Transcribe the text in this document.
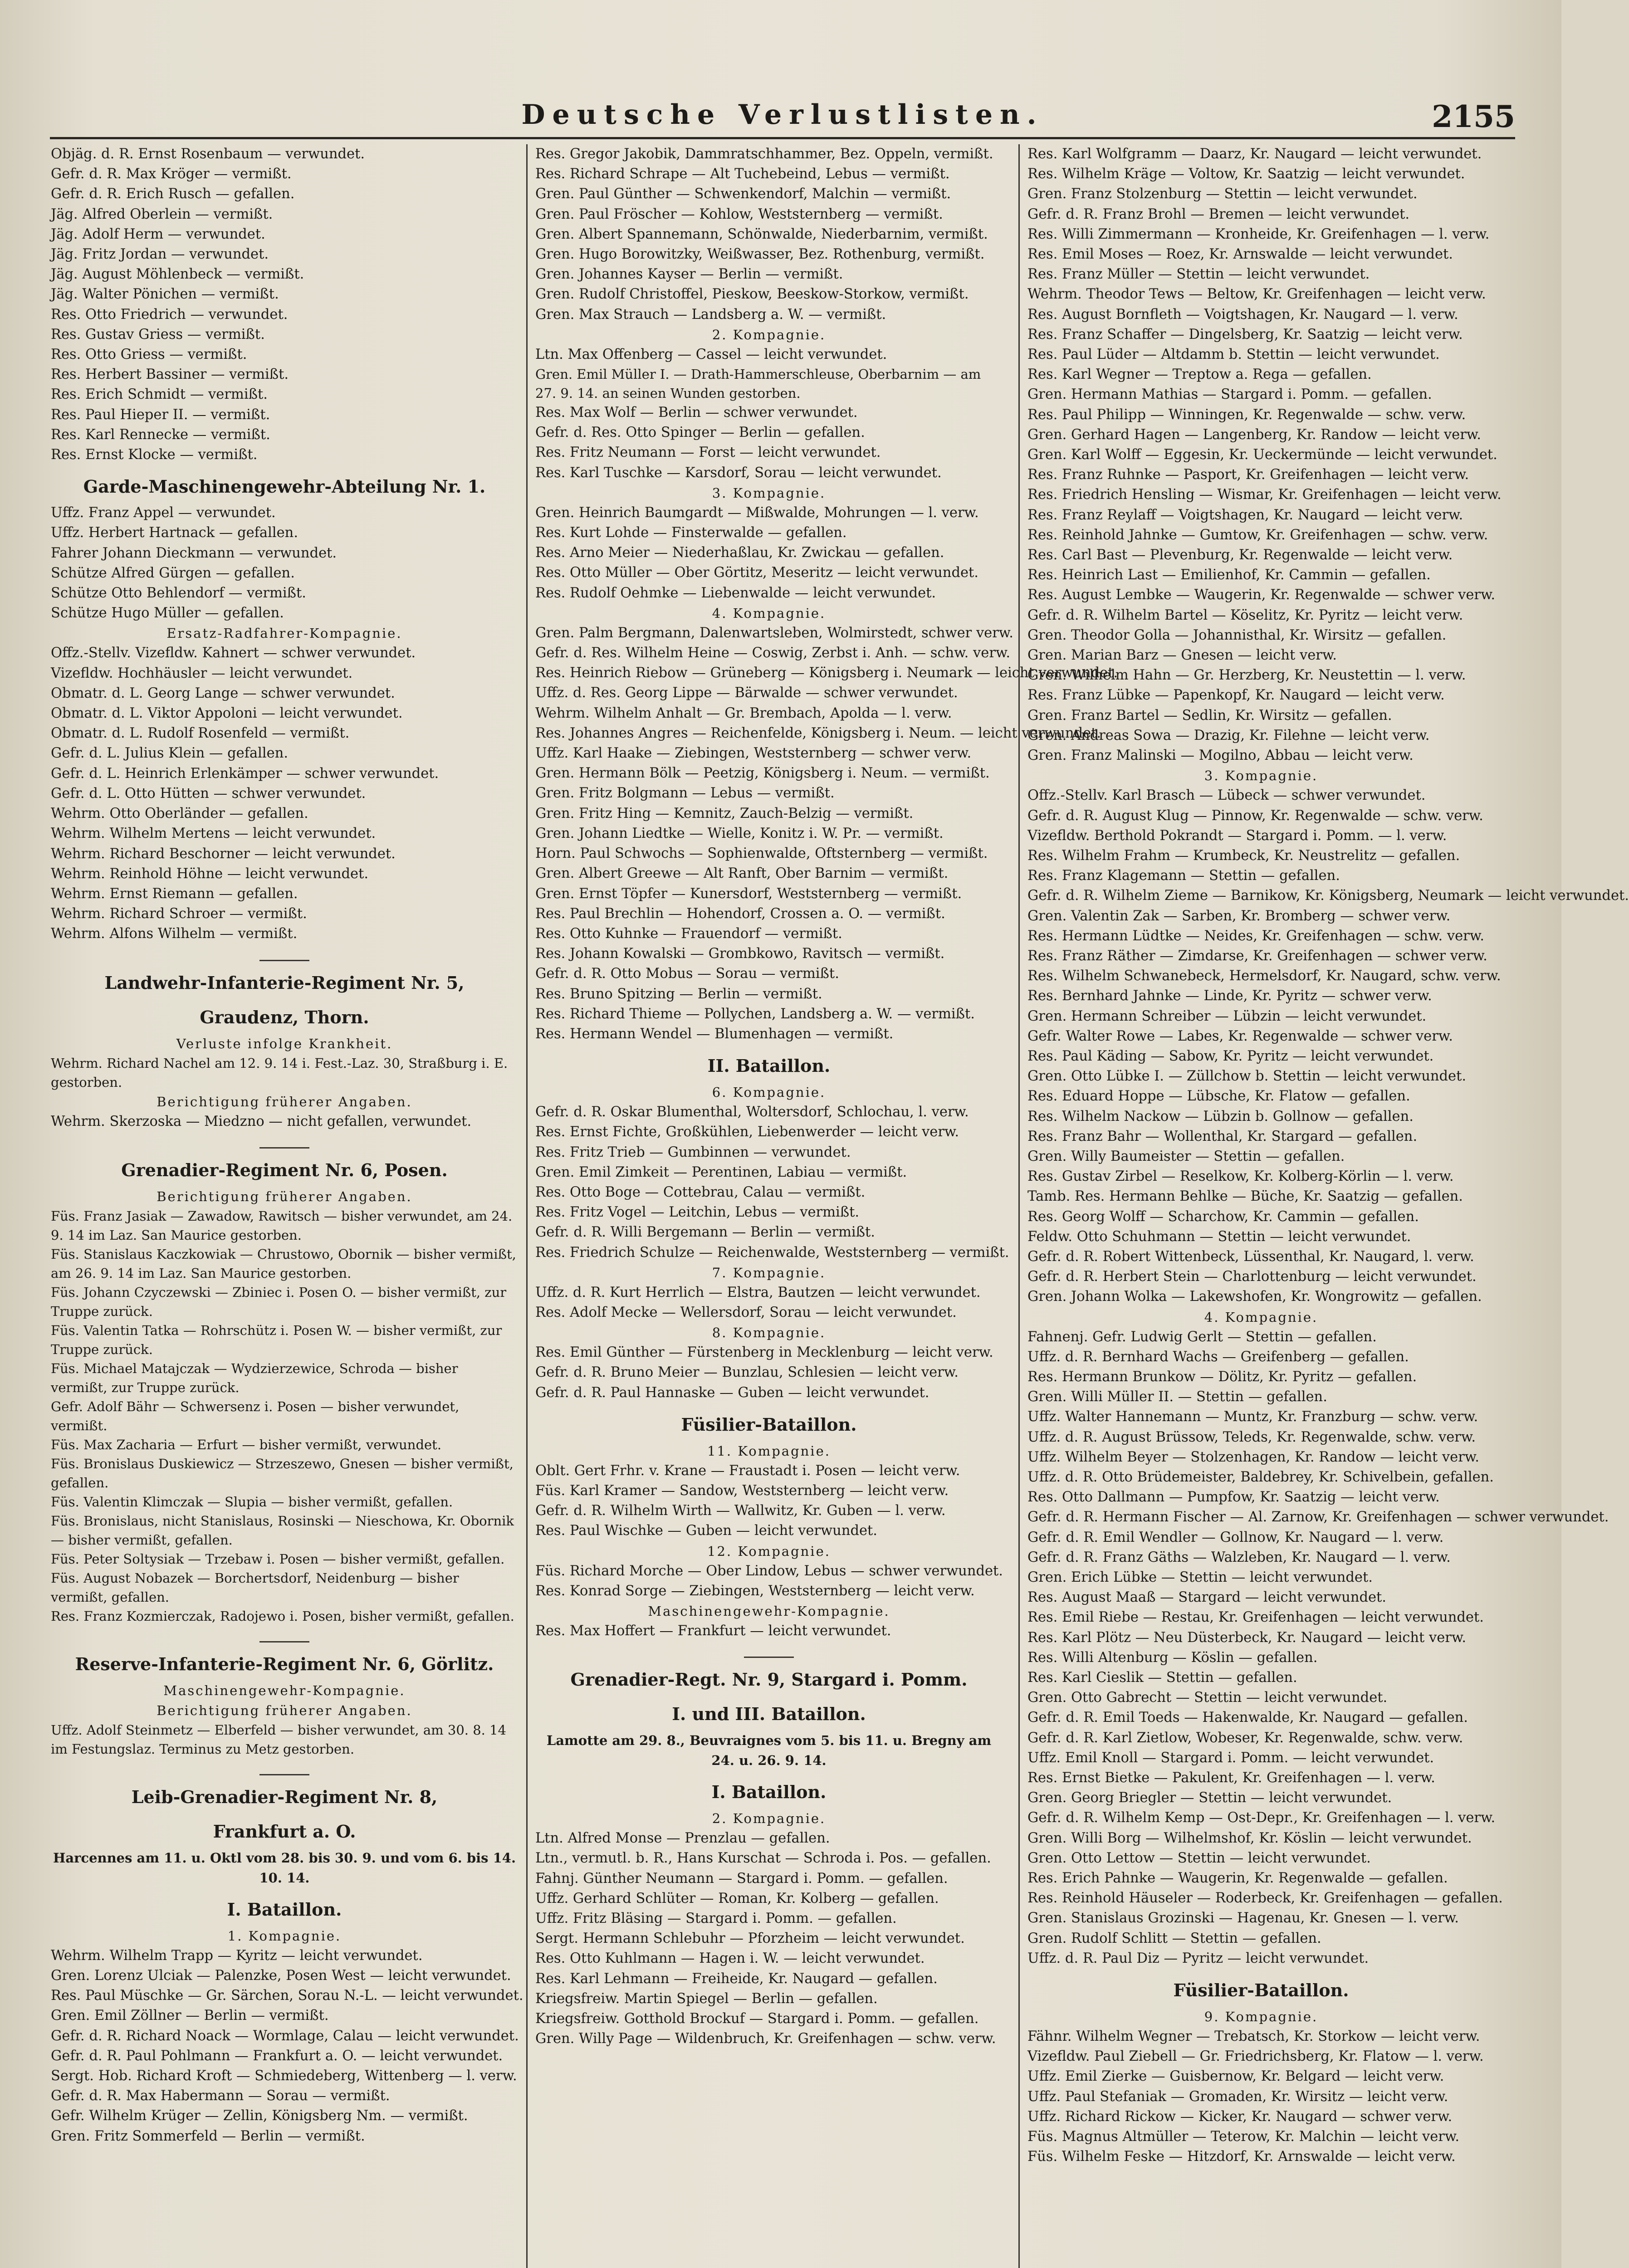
Deutsche Verlustlisten.	2155
Objäg. d. R. Ernst Rosenbaum — verwundet.
Gefr. d. R. Max Kröger — vermißt.
Gefr. d. R. Erich Rusch — gefallen.
Jäg. Alfred Oberlein — vermißt.
Jäg. Adolf Herm — verwundet.
Jäg. Fritz Jordan — verwundet.
Jäg. August Möhlenbeck — vermißt.
Jäg. Walter Pönichen — vermißt.
Res. Otto Friedrich — verwundet.
Res. Gustav Griess — vermißt.
Res. Otto Griess — vermißt.
Res. Herbert Bassiner — vermißt.
Res. Erich Schmidt — vermißt.
Res. Paul Hieper II. — vermißt.
Res. Karl Rennecke — vermißt.
Res. Ernst Klocke — vermißt.
Garde-Maschinengewehr-Abteilung Nr. 1.
Uffz. Franz Appel — verwundet.
Uffz. Herbert Hartnack — gefallen.
Fahrer Johann Dieckmann — verwundet.
Schütze Alfred Gürgen — gefallen.
Schütze Otto Behlendorf — vermißt.
Schütze Hugo Müller — gefallen.
Ersatz-Radfahrer-Kompagnie.
Offz.-Stellv. Vizefldw. Kahnert — schwer verwundet.
Vizefldw. Hochhäusler — leicht verwundet.
Obmatr. d. L. Georg Lange — schwer verwundet.
Obmatr. d. L. Viktor Appoloni — leicht verwundet.
Obmatr. d. L. Rudolf Rosenfeld — vermißt.
Gefr. d. L. Julius Klein — gefallen.
Gefr. d. L. Heinrich Erlenkämper — schwer verwundet.
Gefr. d. L. Otto Hütten — schwer verwundet.
Wehrm. Otto Oberländer — gefallen.
Wehrm. Wilhelm Mertens — leicht verwundet.
Wehrm. Richard Beschorner — leicht verwundet.
Wehrm. Reinhold Höhne — leicht verwundet.
Wehrm. Ernst Riemann — gefallen.
Wehrm. Richard Schroer — vermißt.
Wehrm. Alfons Wilhelm — vermißt.
Landwehr-Infanterie-Regiment Nr. 5,
Graudenz, Thorn.
Verluste infolge Krankheit.
Wehrm. Richard Nachel am 12. 9. 14 i. Fest.-Laz. 30, Straßburg i. E. gestorben.
Berichtigung früherer Angaben.
Wehrm. Skerzoska — Miedzno — nicht gefallen, verwundet.
Grenadier-Regiment Nr. 6, Posen.
Berichtigung früherer Angaben.
Füs. Franz Jasiak — Zawadow, Rawitsch — bisher verwundet, am 24. 9. 14 im Laz. San Maurice gestorben.
Füs. Stanislaus Kaczkowiak — Chrustowo, Obornik — bisher vermißt, am 26. 9. 14 im Laz. San Maurice gestorben.
Füs. Johann Czyczewski — Zbiniec i. Posen O. — bisher vermißt, zur Truppe zurück.
Füs. Valentin Tatka — Rohrschütz i. Posen W. — bisher vermißt, zur Truppe zurück.
Füs. Michael Matajczak — Wydzierzewice, Schroda — bisher vermißt, zur Truppe zurück.
Gefr. Adolf Bähr — Schwersenz i. Posen — bisher verwundet, vermißt.
Füs. Max Zacharia — Erfurt — bisher vermißt, verwundet.
Füs. Bronislaus Duskiewicz — Strzeszewo, Gnesen — bisher vermißt, gefallen.
Füs. Valentin Klimczak — Slupia — bisher vermißt, gefallen.
Füs. Bronislaus, nicht Stanislaus, Rosinski — Nieschowa, Kr. Obornik — bisher vermißt, gefallen.
Füs. Peter Soltysiak — Trzebaw i. Posen — bisher vermißt, gefallen.
Füs. August Nobazek — Borchertsdorf, Neidenburg — bisher vermißt, gefallen.
Res. Franz Kozmierczak, Radojewo i. Posen, bisher vermißt, gefallen.
Reserve-Infanterie-Regiment Nr. 6, Görlitz.
Maschinengewehr-Kompagnie.
Berichtigung früherer Angaben.
Uffz. Adolf Steinmetz — Elberfeld — bisher verwundet, am 30. 8. 14 im Festungslaz. Terminus zu Metz gestorben.
Leib-Grenadier-Regiment Nr. 8,
Frankfurt a. O.
Harcennes am 11. u. Oktl vom 28. bis 30. 9. und vom 6. bis 14. 10. 14.
I. Bataillon.
1. Kompagnie.
Wehrm. Wilhelm Trapp — Kyritz — leicht verwundet.
Gren. Lorenz Ulciak — Palenzke, Posen West — leicht verwundet.
Res. Paul Müschke — Gr. Särchen, Sorau N.-L. — leicht verwundet.
Gren. Emil Zöllner — Berlin — vermißt.
Gefr. d. R. Richard Noack — Wormlage, Calau — leicht verwundet.
Gefr. d. R. Paul Pohlmann — Frankfurt a. O. — leicht verwundet.
Sergt. Hob. Richard Kroft — Schmiedeberg, Wittenberg — l. verw.
Gefr. d. R. Max Habermann — Sorau — vermißt.
Gefr. Wilhelm Krüger — Zellin, Königsberg Nm. — vermißt.
Gren. Fritz Sommerfeld — Berlin — vermißt.
Res. Gregor Jakobik, Dammratschhammer, Bez. Oppeln, vermißt.
Res. Richard Schrape — Alt Tuchebeind, Lebus — vermißt.
Gren. Paul Günther — Schwenkendorf, Malchin — vermißt.
Gren. Paul Fröscher — Kohlow, Weststernberg — vermißt.
Gren. Albert Spannemann, Schönwalde, Niederbarnim, vermißt.
Gren. Hugo Borowitzky, Weißwasser, Bez. Rothenburg, vermißt.
Gren. Johannes Kayser — Berlin — vermißt.
Gren. Rudolf Christoffel, Pieskow, Beeskow-Storkow, vermißt.
Gren. Max Strauch — Landsberg a. W. — vermißt.
2. Kompagnie.
Ltn. Max Offenberg — Cassel — leicht verwundet.
Gren. Emil Müller I. — Drath-Hammerschleuse, Oberbarnim — am 27. 9. 14. an seinen Wunden gestorben.
Res. Max Wolf — Berlin — schwer verwundet.
Gefr. d. Res. Otto Spinger — Berlin — gefallen.
Res. Fritz Neumann — Forst — leicht verwundet.
Res. Karl Tuschke — Karsdorf, Sorau — leicht verwundet.
3. Kompagnie.
Gren. Heinrich Baumgardt — Mißwalde, Mohrungen — l. verw.
Res. Kurt Lohde — Finsterwalde — gefallen.
Res. Arno Meier — Niederhaßlau, Kr. Zwickau — gefallen.
Res. Otto Müller — Ober Görtitz, Meseritz — leicht verwundet.
Res. Rudolf Oehmke — Liebenwalde — leicht verwundet.
4. Kompagnie.
Gren. Palm Bergmann, Dalenwartsleben, Wolmirstedt, schwer verw.
Gefr. d. Res. Wilhelm Heine — Coswig, Zerbst i. Anh. — schw. verw.
Res. Heinrich Riebow — Grüneberg — Königsberg i. Neumark — leicht verwundet.
Uffz. d. Res. Georg Lippe — Bärwalde — schwer verwundet.
Wehrm. Wilhelm Anhalt — Gr. Brembach, Apolda — l. verw.
Res. Johannes Angres — Reichenfelde, Königsberg i. Neum. — leicht verwundet.
Uffz. Karl Haake — Ziebingen, Weststernberg — schwer verw.
Gren. Hermann Bölk — Peetzig, Königsberg i. Neum. — vermißt.
Gren. Fritz Bolgmann — Lebus — vermißt.
Gren. Fritz Hing — Kemnitz, Zauch-Belzig — vermißt.
Gren. Johann Liedtke — Wielle, Konitz i. W. Pr. — vermißt.
Horn. Paul Schwochs — Sophienwalde, Oftsternberg — vermißt.
Gren. Albert Greewe — Alt Ranft, Ober Barnim — vermißt.
Gren. Ernst Töpfer — Kunersdorf, Weststernberg — vermißt.
Res. Paul Brechlin — Hohendorf, Crossen a. O. — vermißt.
Res. Otto Kuhnke — Frauendorf — vermißt.
Res. Johann Kowalski — Grombkowo, Ravitsch — vermißt.
Gefr. d. R. Otto Mobus — Sorau — vermißt.
Res. Bruno Spitzing — Berlin — vermißt.
Res. Richard Thieme — Pollychen, Landsberg a. W. — vermißt.
Res. Hermann Wendel — Blumenhagen — vermißt.
II. Bataillon.
6. Kompagnie.
Gefr. d. R. Oskar Blumenthal, Woltersdorf, Schlochau, l. verw.
Res. Ernst Fichte, Großkühlen, Liebenwerder — leicht verw.
Res. Fritz Trieb — Gumbinnen — verwundet.
Gren. Emil Zimkeit — Perentinen, Labiau — vermißt.
Res. Otto Boge — Cottebrau, Calau — vermißt.
Res. Fritz Vogel — Leitchin, Lebus — vermißt.
Gefr. d. R. Willi Bergemann — Berlin — vermißt.
Res. Friedrich Schulze — Reichenwalde, Weststernberg — vermißt.
7. Kompagnie.
Uffz. d. R. Kurt Herrlich — Elstra, Bautzen — leicht verwundet.
Res. Adolf Mecke — Wellersdorf, Sorau — leicht verwundet.
8. Kompagnie.
Res. Emil Günther — Fürstenberg in Mecklenburg — leicht verw.
Gefr. d. R. Bruno Meier — Bunzlau, Schlesien — leicht verw.
Gefr. d. R. Paul Hannaske — Guben — leicht verwundet.
Füsilier-Bataillon.
11. Kompagnie.
Oblt. Gert Frhr. v. Krane — Fraustadt i. Posen — leicht verw.
Füs. Karl Kramer — Sandow, Weststernberg — leicht verw.
Gefr. d. R. Wilhelm Wirth — Wallwitz, Kr. Guben — l. verw.
Res. Paul Wischke — Guben — leicht verwundet.
12. Kompagnie.
Füs. Richard Morche — Ober Lindow, Lebus — schwer verwundet.
Res. Konrad Sorge — Ziebingen, Weststernberg — leicht verw.
Maschinengewehr-Kompagnie.
Res. Max Hoffert — Frankfurt — leicht verwundet.
Grenadier-Regt. Nr. 9, Stargard i. Pomm.
I. und III. Bataillon.
Lamotte am 29. 8., Beuvraignes vom 5. bis 11. u. Bregny am 24. u. 26. 9. 14.
I. Bataillon.
2. Kompagnie.
Ltn. Alfred Monse — Prenzlau — gefallen.
Ltn., vermutl. b. R., Hans Kurschat — Schroda i. Pos. — gefallen.
Fahnj. Günther Neumann — Stargard i. Pomm. — gefallen.
Uffz. Gerhard Schlüter — Roman, Kr. Kolberg — gefallen.
Uffz. Fritz Bläsing — Stargard i. Pomm. — gefallen.
Sergt. Hermann Schlebuhr — Pforzheim — leicht verwundet.
Res. Otto Kuhlmann — Hagen i. W. — leicht verwundet.
Res. Karl Lehmann — Freiheide, Kr. Naugard — gefallen.
Kriegsfreiw. Martin Spiegel — Berlin — gefallen.
Kriegsfreiw. Gotthold Brockuf — Stargard i. Pomm. — gefallen.
Gren. Willy Page — Wildenbruch, Kr. Greifenhagen — schw. verw.
Res. Karl Wolfgramm — Daarz, Kr. Naugard — leicht verwundet.
Res. Wilhelm Kräge — Voltow, Kr. Saatzig — leicht verwundet.
Gren. Franz Stolzenburg — Stettin — leicht verwundet.
Gefr. d. R. Franz Brohl — Bremen — leicht verwundet.
Res. Willi Zimmermann — Kronheide, Kr. Greifenhagen — l. verw.
Res. Emil Moses — Roez, Kr. Arnswalde — leicht verwundet.
Res. Franz Müller — Stettin — leicht verwundet.
Wehrm. Theodor Tews — Beltow, Kr. Greifenhagen — leicht verw.
Res. August Bornfleth — Voigtshagen, Kr. Naugard — l. verw.
Res. Franz Schaffer — Dingelsberg, Kr. Saatzig — leicht verw.
Res. Paul Lüder — Altdamm b. Stettin — leicht verwundet.
Res. Karl Wegner — Treptow a. Rega — gefallen.
Gren. Hermann Mathias — Stargard i. Pomm. — gefallen.
Res. Paul Philipp — Winningen, Kr. Regenwalde — schw. verw.
Gren. Gerhard Hagen — Langenberg, Kr. Randow — leicht verw.
Gren. Karl Wolff — Eggesin, Kr. Ueckermünde — leicht verwundet.
Res. Franz Ruhnke — Pasport, Kr. Greifenhagen — leicht verw.
Res. Friedrich Hensling — Wismar, Kr. Greifenhagen — leicht verw.
Res. Franz Reylaff — Voigtshagen, Kr. Naugard — leicht verw.
Res. Reinhold Jahnke — Gumtow, Kr. Greifenhagen — schw. verw.
Res. Carl Bast — Plevenburg, Kr. Regenwalde — leicht verw.
Res. Heinrich Last — Emilienhof, Kr. Cammin — gefallen.
Res. August Lembke — Waugerin, Kr. Regenwalde — schwer verw.
Gefr. d. R. Wilhelm Bartel — Köselitz, Kr. Pyritz — leicht verw.
Gren. Theodor Golla — Johannisthal, Kr. Wirsitz — gefallen.
Gren. Marian Barz — Gnesen — leicht verw.
Gren. Wilhelm Hahn — Gr. Herzberg, Kr. Neustettin — l. verw.
Res. Franz Lübke — Papenkopf, Kr. Naugard — leicht verw.
Gren. Franz Bartel — Sedlin, Kr. Wirsitz — gefallen.
Gren. Andreas Sowa — Drazig, Kr. Filehne — leicht verw.
Gren. Franz Malinski — Mogilno, Abbau — leicht verw.
3. Kompagnie.
Offz.-Stellv. Karl Brasch — Lübeck — schwer verwundet.
Gefr. d. R. August Klug — Pinnow, Kr. Regenwalde — schw. verw.
Vizefldw. Berthold Pokrandt — Stargard i. Pomm. — l. verw.
Res. Wilhelm Frahm — Krumbeck, Kr. Neustrelitz — gefallen.
Res. Franz Klagemann — Stettin — gefallen.
Gefr. d. R. Wilhelm Zieme — Barnikow, Kr. Königsberg, Neumark — leicht verwundet.
Gren. Valentin Zak — Sarben, Kr. Bromberg — schwer verw.
Res. Hermann Lüdtke — Neides, Kr. Greifenhagen — schw. verw.
Res. Franz Räther — Zimdarse, Kr. Greifenhagen — schwer verw.
Res. Wilhelm Schwanebeck, Hermelsdorf, Kr. Naugard, schw. verw.
Res. Bernhard Jahnke — Linde, Kr. Pyritz — schwer verw.
Gren. Hermann Schreiber — Lübzin — leicht verwundet.
Gefr. Walter Rowe — Labes, Kr. Regenwalde — schwer verw.
Res. Paul Käding — Sabow, Kr. Pyritz — leicht verwundet.
Gren. Otto Lübke I. — Züllchow b. Stettin — leicht verwundet.
Res. Eduard Hoppe — Lübsche, Kr. Flatow — gefallen.
Res. Wilhelm Nackow — Lübzin b. Gollnow — gefallen.
Res. Franz Bahr — Wollenthal, Kr. Stargard — gefallen.
Gren. Willy Baumeister — Stettin — gefallen.
Res. Gustav Zirbel — Reselkow, Kr. Kolberg-Körlin — l. verw.
Tamb. Res. Hermann Behlke — Büche, Kr. Saatzig — gefallen.
Res. Georg Wolff — Scharchow, Kr. Cammin — gefallen.
Feldw. Otto Schuhmann — Stettin — leicht verwundet.
Gefr. d. R. Robert Wittenbeck, Lüssenthal, Kr. Naugard, l. verw.
Gefr. d. R. Herbert Stein — Charlottenburg — leicht verwundet.
Gren. Johann Wolka — Lakewshofen, Kr. Wongrowitz — gefallen.
4. Kompagnie.
Fahnenj. Gefr. Ludwig Gerlt — Stettin — gefallen.
Uffz. d. R. Bernhard Wachs — Greifenberg — gefallen.
Res. Hermann Brunkow — Dölitz, Kr. Pyritz — gefallen.
Gren. Willi Müller II. — Stettin — gefallen.
Uffz. Walter Hannemann — Muntz, Kr. Franzburg — schw. verw.
Uffz. d. R. August Brüssow, Teleds, Kr. Regenwalde, schw. verw.
Uffz. Wilhelm Beyer — Stolzenhagen, Kr. Randow — leicht verw.
Uffz. d. R. Otto Brüdemeister, Baldebrey, Kr. Schivelbein, gefallen.
Res. Otto Dallmann — Pumpfow, Kr. Saatzig — leicht verw.
Gefr. d. R. Hermann Fischer — Al. Zarnow, Kr. Greifenhagen — schwer verwundet.
Gefr. d. R. Emil Wendler — Gollnow, Kr. Naugard — l. verw.
Gefr. d. R. Franz Gäths — Walzleben, Kr. Naugard — l. verw.
Gren. Erich Lübke — Stettin — leicht verwundet.
Res. August Maaß — Stargard — leicht verwundet.
Res. Emil Riebe — Restau, Kr. Greifenhagen — leicht verwundet.
Res. Karl Plötz — Neu Düsterbeck, Kr. Naugard — leicht verw.
Res. Willi Altenburg — Köslin — gefallen.
Res. Karl Cieslik — Stettin — gefallen.
Gren. Otto Gabrecht — Stettin — leicht verwundet.
Gefr. d. R. Emil Toeds — Hakenwalde, Kr. Naugard — gefallen.
Gefr. d. R. Karl Zietlow, Wobeser, Kr. Regenwalde, schw. verw.
Uffz. Emil Knoll — Stargard i. Pomm. — leicht verwundet.
Res. Ernst Bietke — Pakulent, Kr. Greifenhagen — l. verw.
Gren. Georg Briegler — Stettin — leicht verwundet.
Gefr. d. R. Wilhelm Kemp — Ost-Depr., Kr. Greifenhagen — l. verw.
Gren. Willi Borg — Wilhelmshof, Kr. Köslin — leicht verwundet.
Gren. Otto Lettow — Stettin — leicht verwundet.
Res. Erich Pahnke — Waugerin, Kr. Regenwalde — gefallen.
Res. Reinhold Häuseler — Roderbeck, Kr. Greifenhagen — gefallen.
Gren. Stanislaus Grozinski — Hagenau, Kr. Gnesen — l. verw.
Gren. Rudolf Schlitt — Stettin — gefallen.
Uffz. d. R. Paul Diz — Pyritz — leicht verwundet.
Füsilier-Bataillon.
9. Kompagnie.
Fähnr. Wilhelm Wegner — Trebatsch, Kr. Storkow — leicht verw.
Vizefldw. Paul Ziebell — Gr. Friedrichsberg, Kr. Flatow — l. verw.
Uffz. Emil Zierke — Guisbernow, Kr. Belgard — leicht verw.
Uffz. Paul Stefaniak — Gromaden, Kr. Wirsitz — leicht verw.
Uffz. Richard Rickow — Kicker, Kr. Naugard — schwer verw.
Füs. Magnus Altmüller — Teterow, Kr. Malchin — leicht verw.
Füs. Wilhelm Feske — Hitzdorf, Kr. Arnswalde — leicht verw.
